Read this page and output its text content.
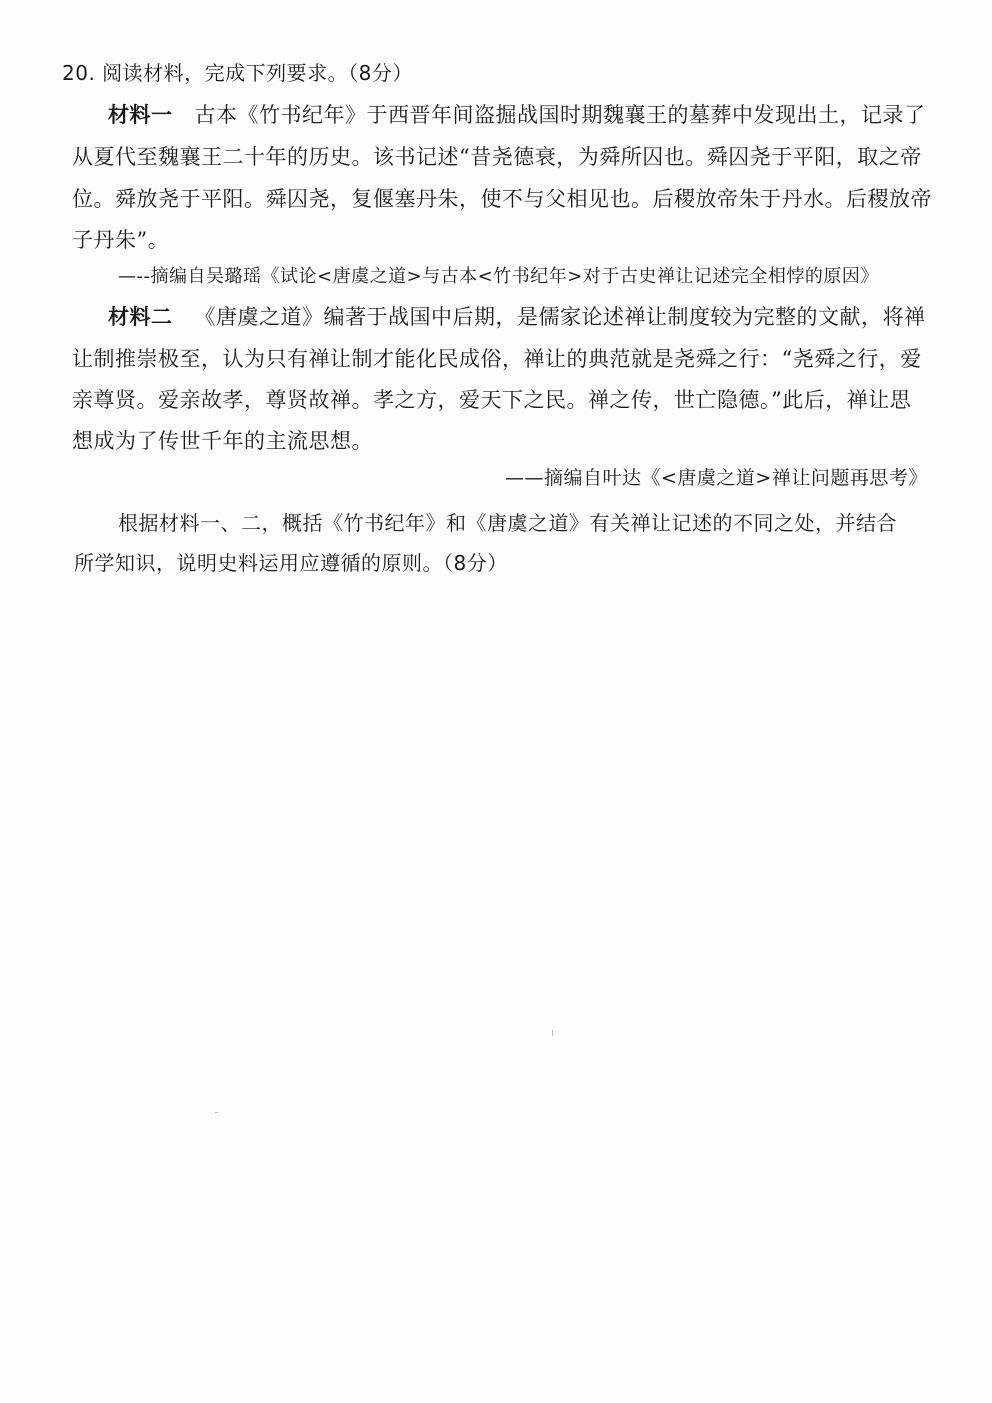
20. 阅读材料，完成下列要求。（8分）
材料一 古本《竹书纪年》于西晋年间盗掘战国时期魏襄王的墓葬中发现出土，记录了
从夏代至魏襄王二十年的历史。该书记述“昔尧德衰，为舜所囚也。舜囚尧于平阳，取之帝
位。舜放尧于平阳。舜囚尧，复偃塞丹朱，使不与父相见也。后稷放帝朱于丹水。后稷放帝
子丹朱”。
—--摘编自吴璐瑶《试论<唐虞之道>与古本<竹书纪年>对于古史禅让记述完全相悖的原因》
材料二 《唐虞之道》编著于战国中后期，是儒家论述禅让制度较为完整的文献，将禅
让制推崇极至，认为只有禅让制才能化民成俗，禅让的典范就是尧舜之行：“尧舜之行，爱
亲尊贤。爱亲故孝，尊贤故禅。孝之方，爱天下之民。禅之传，世亡隐德。”此后，禅让思
想成为了传世千年的主流思想。
——摘编自叶达《<唐虞之道>禅让问题再思考》
根据材料一、二，概括《竹书纪年》和《唐虞之道》有关禅让记述的不同之处，并结合
所学知识，说明史料运用应遵循的原则。（8分）
